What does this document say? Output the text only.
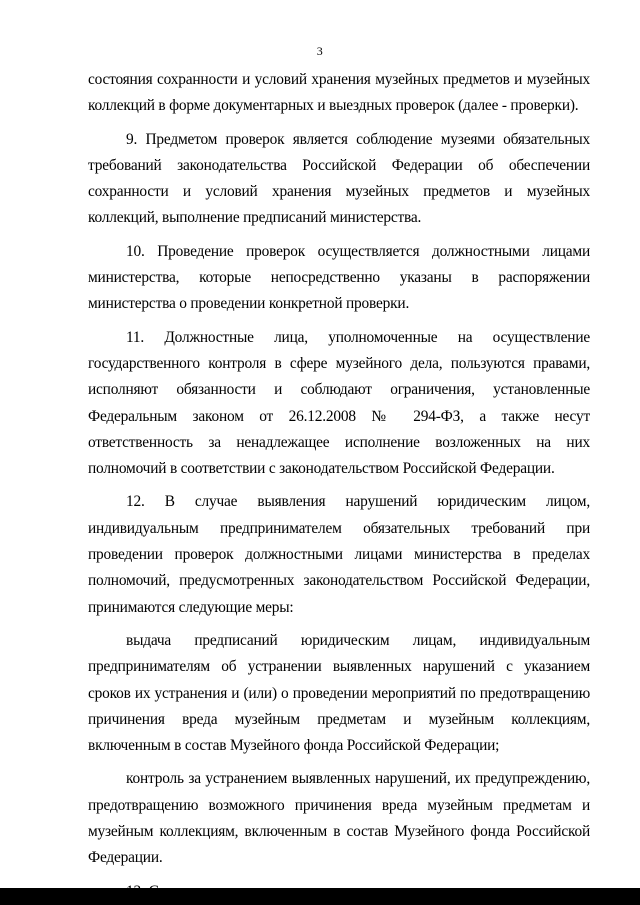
3
состояния сохранности и условий хранения музейных предметов и музейных
коллекций в форме документарных и выездных проверок (далее - проверки).
9. Предметом проверок является соблюдение музеями обязательных
требований законодательства Российской Федерации об обеспечении
сохранности и условий хранения музейных предметов и музейных
коллекций, выполнение предписаний министерства.
10. Проведение проверок осуществляется должностными лицами
министерства, которые непосредственно указаны в распоряжении
министерства о проведении конкретной проверки.
11. Должностные лица, уполномоченные на осуществление
государственного контроля в сфере музейного дела, пользуются правами,
исполняют обязанности и соблюдают ограничения, установленные
Федеральным законом от 26.12.2008 № 294-ФЗ, а также несут
ответственность за ненадлежащее исполнение возложенных на них
полномочий в соответствии с законодательством Российской Федерации.
12. В случае выявления нарушений юридическим лицом,
индивидуальным предпринимателем обязательных требований при
проведении проверок должностными лицами министерства в пределах
полномочий, предусмотренных законодательством Российской Федерации,
принимаются следующие меры:
выдача предписаний юридическим лицам, индивидуальным
предпринимателям об устранении выявленных нарушений с указанием
сроков их устранения и (или) о проведении мероприятий по предотвращению
причинения вреда музейным предметам и музейным коллекциям,
включенным в состав Музейного фонда Российской Федерации;
контроль за устранением выявленных нарушений, их предупреждению,
предотвращению возможного причинения вреда музейным предметам и
музейным коллекциям, включенным в состав Музейного фонда Российской
Федерации.
